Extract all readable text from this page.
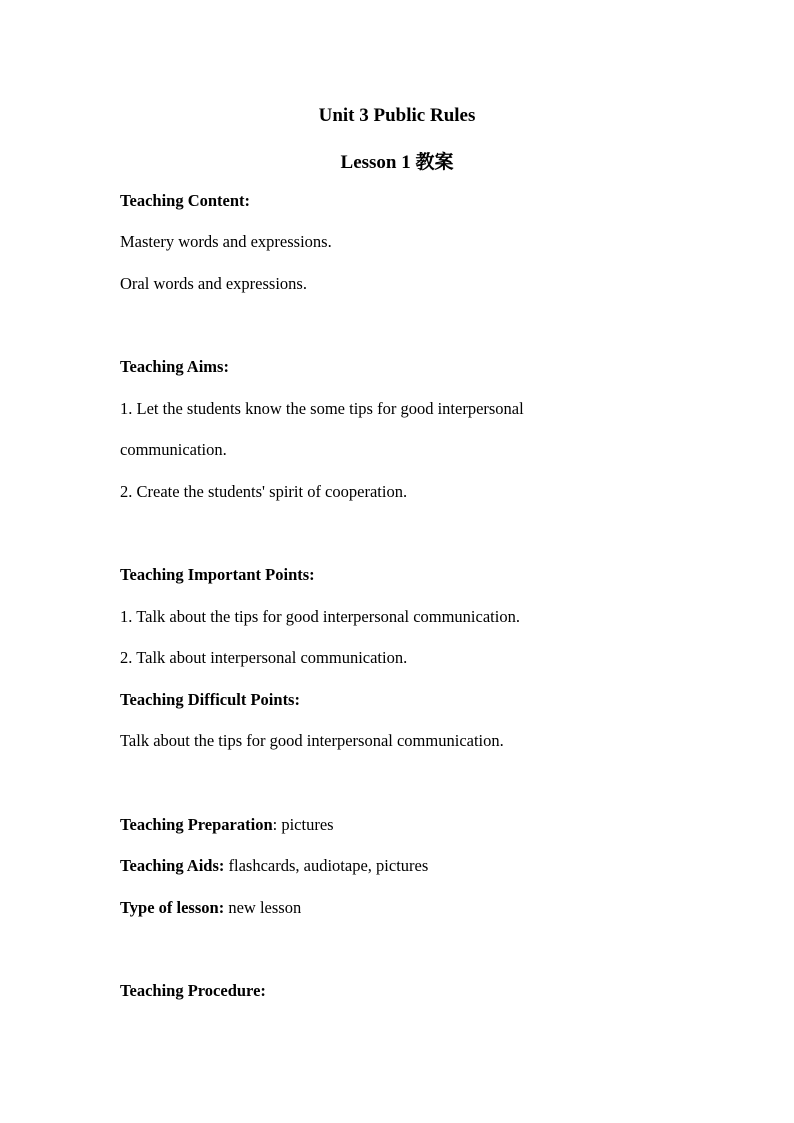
Unit 3 Public Rules
Lesson 1 教案
Teaching Content:
Mastery words and expressions.
Oral words and expressions.
Teaching Aims:
1. Let the students know the some tips for good interpersonal
communication.
2. Create the students' spirit of cooperation.
Teaching Important Points:
1. Talk about the tips for good interpersonal communication.
2. Talk about interpersonal communication.
Teaching Difficult Points:
Talk about the tips for good interpersonal communication.
Teaching Preparation: pictures
Teaching Aids: flashcards, audiotape, pictures
Type of lesson: new lesson
Teaching Procedure:
